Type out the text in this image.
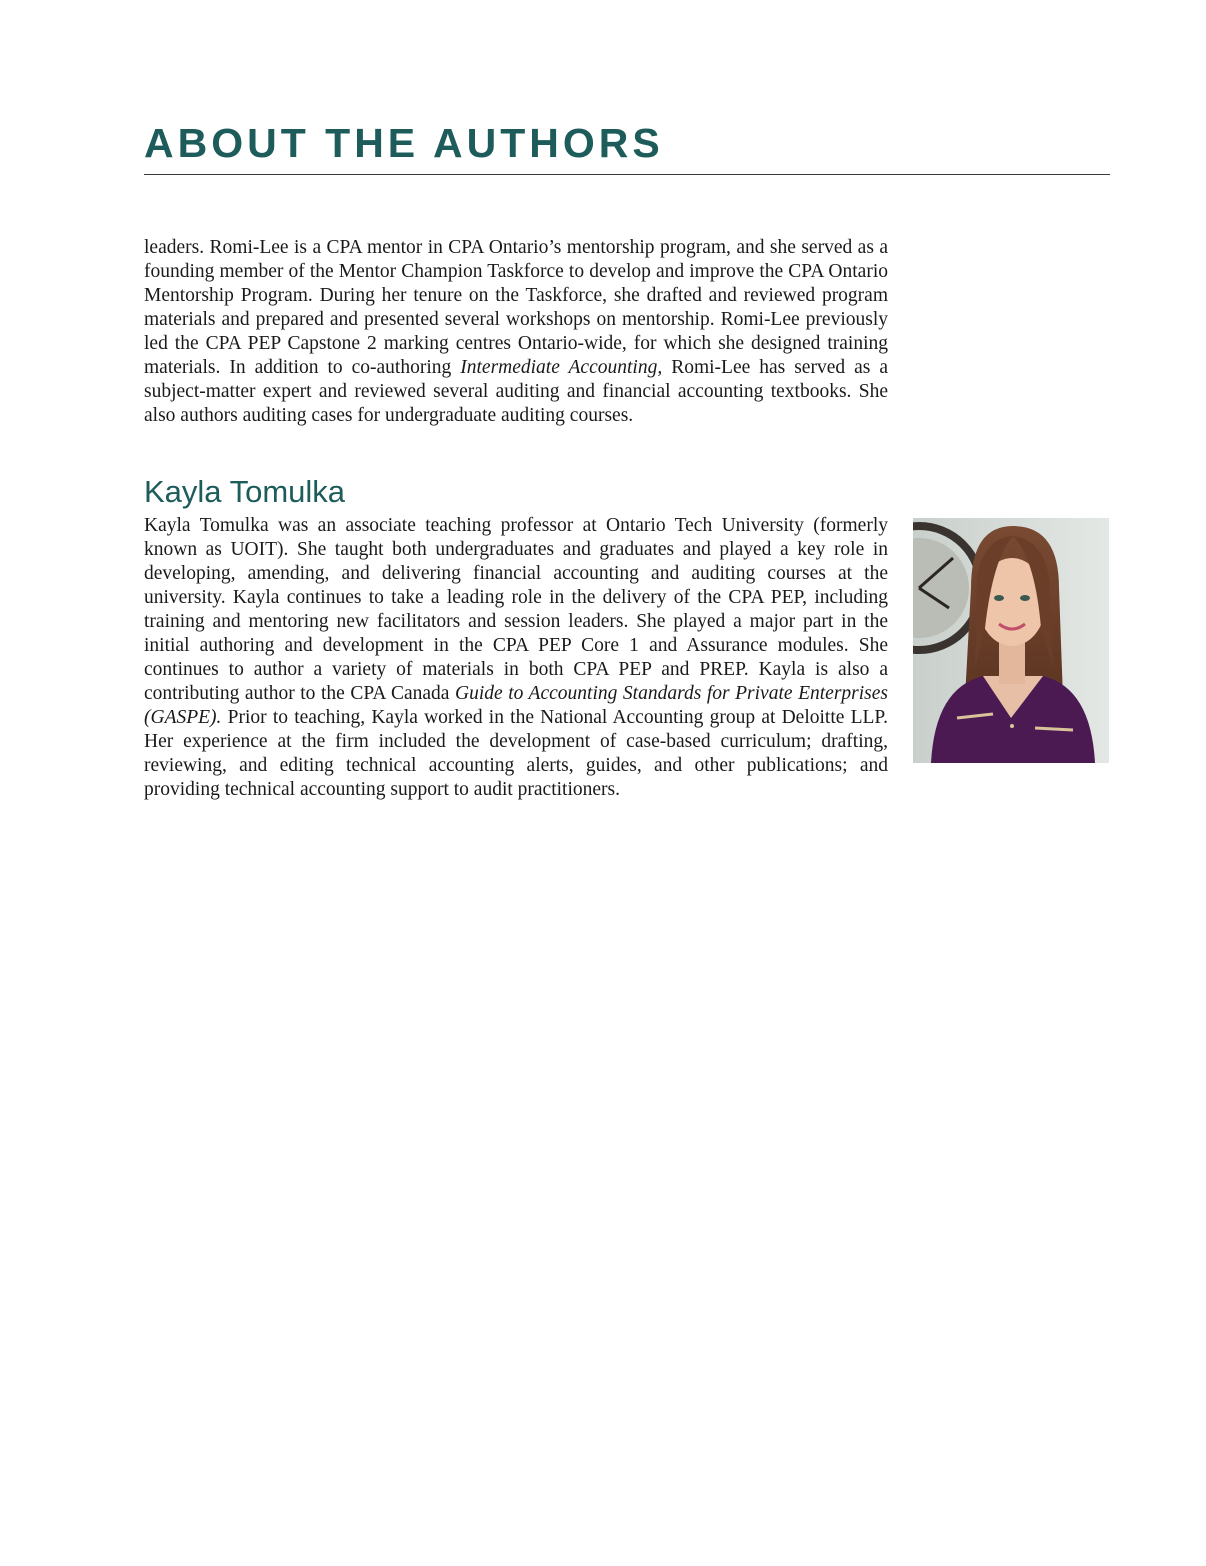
ABOUT THE AUTHORS

leaders. Romi-Lee is a CPA mentor in CPA Ontario’s mentorship program, and she served as a founding member of the Mentor Champion Taskforce to develop and improve the CPA Ontario Mentorship Program. During her tenure on the Taskforce, she drafted and reviewed program materials and prepared and presented several workshops on mentorship. Romi-Lee previously led the CPA PEP Capstone 2 marking centres Ontario-wide, for which she designed training materials. In addition to co-authoring Intermediate Accounting, Romi-Lee has served as a subject-matter expert and reviewed several auditing and financial accounting textbooks. She also authors auditing cases for undergraduate auditing courses.

Kayla Tomulka

Kayla Tomulka was an associate teaching professor at Ontario Tech University (formerly known as UOIT). She taught both undergraduates and graduates and played a key role in developing, amending, and delivering financial accounting and auditing courses at the university. Kayla continues to take a leading role in the delivery of the CPA PEP, including training and mentoring new facilitators and session leaders. She played a major part in the initial authoring and development in the CPA PEP Core 1 and Assurance modules. She continues to author a variety of materials in both CPA PEP and PREP. Kayla is also a contributing author to the CPA Canada Guide to Accounting Standards for Private Enterprises (GASPE). Prior to teaching, Kayla worked in the National Accounting group at Deloitte LLP. Her experience at the firm included the development of case-based curriculum; drafting, reviewing, and editing technical accounting alerts, guides, and other publications; and providing technical accounting support to audit practitioners.
